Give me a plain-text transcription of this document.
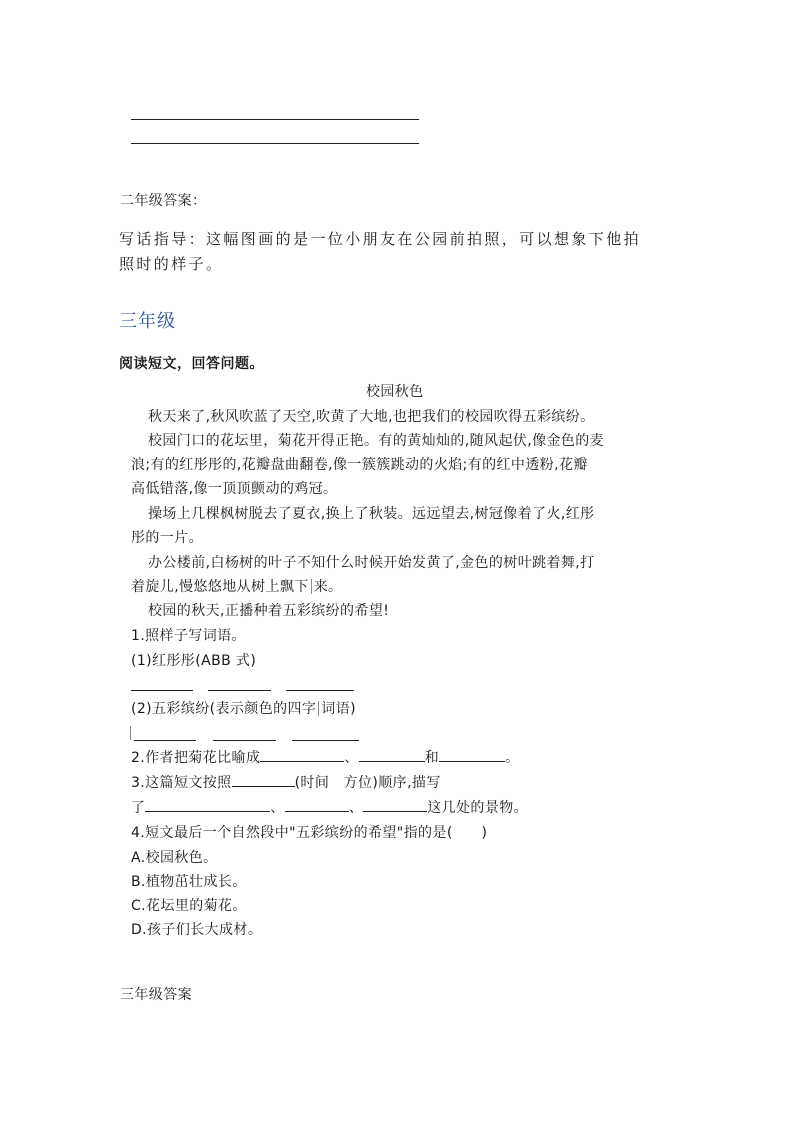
二年级答案：
写话指导：这幅图画的是一位小朋友在公园前拍照，可以想象下他拍
照时的样子。
三年级
阅读短文，回答问题。
校园秋色
秋天来了,秋风吹蓝了天空,吹黄了大地,也把我们的校园吹得五彩缤纷。
校园门口的花坛里，菊花开得正艳。有的黄灿灿的,随风起伏,像金色的麦
浪;有的红彤彤的,花瓣盘曲翻卷,像一簇簇跳动的火焰;有的红中透粉,花瓣
高低错落,像一顶顶颤动的鸡冠。
操场上几棵枫树脱去了夏衣,换上了秋装。远远望去,树冠像着了火,红彤
彤的一片。
办公楼前,白杨树的叶子不知什么时候开始发黄了,金色的树叶跳着舞,打
着旋儿,慢悠悠地从树上飘下 来。
校园的秋天,正播种着五彩缤纷的希望!
1.照样子写词语。
(1)红彤彤(ABB 式)
(2)五彩缤纷(表示颜色的四字 词语)
2.作者把菊花比喻成	、	和	。
3.这篇短文按照	(时间　方位)顺序,描写
了	、	、	这几处的景物。
4.短文最后一个自然段中"五彩缤纷的希望"指的是(　　)
A.校园秋色。
B.植物茁壮成长。
C.花坛里的菊花。
D.孩子们长大成材。
三年级答案
